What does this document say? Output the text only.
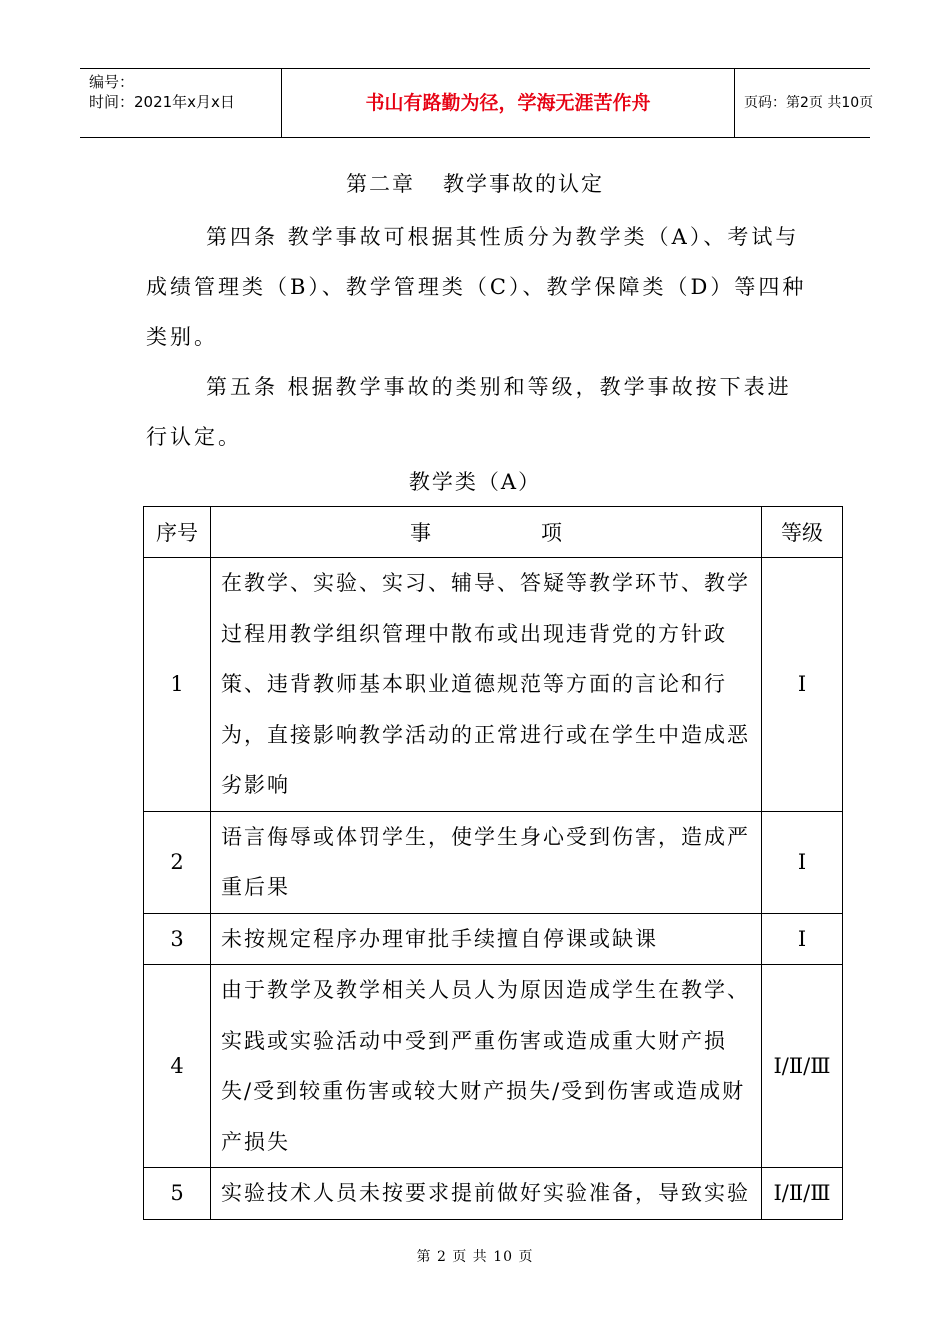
编号：
时间：2021年x月x日	书山有路勤为径，学海无涯苦作舟	页码：第2页 共10页
第二章 教学事故的认定
第四条 教学事故可根据其性质分为教学类（A）、考试与成绩管理类（B）、教学管理类（C）、教学保障类（D）等四种类别。
第五条 根据教学事故的类别和等级，教学事故按下表进行认定。
教学类（A）
序号	事 项	等级
1	在教学、实验、实习、辅导、答疑等教学环节、教学过程用教学组织管理中散布或出现违背党的方针政策、违背教师基本职业道德规范等方面的言论和行为，直接影响教学活动的正常进行或在学生中造成恶劣影响	I
2	语言侮辱或体罚学生，使学生身心受到伤害，造成严重后果	I
3	未按规定程序办理审批手续擅自停课或缺课	I
4	由于教学及教学相关人员人为原因造成学生在教学、实践或实验活动中受到严重伤害或造成重大财产损失/受到较重伤害或较大财产损失/受到伤害或造成财产损失	Ⅰ/Ⅱ/Ⅲ
5	实验技术人员未按要求提前做好实验准备，导致实验	Ⅰ/Ⅱ/Ⅲ
第 2 页 共 10 页
